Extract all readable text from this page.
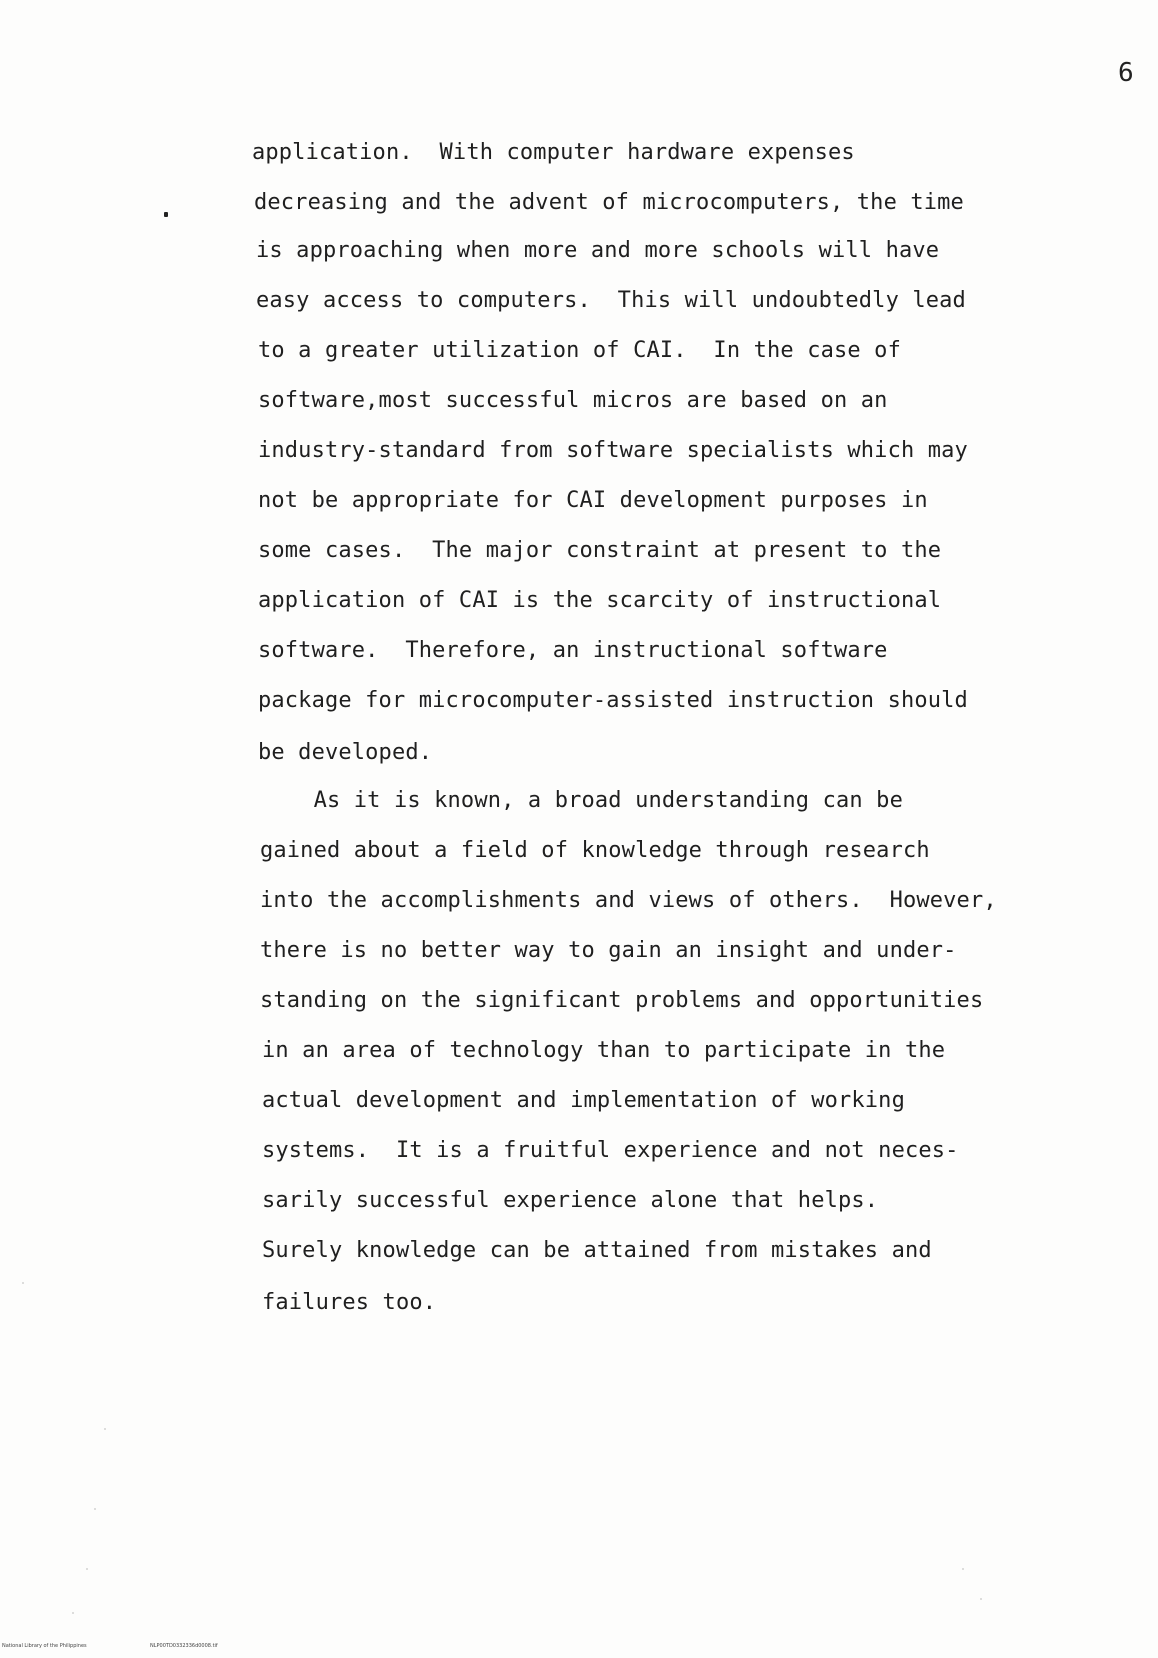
6
application.  With computer hardware expenses
decreasing and the advent of microcomputers, the time
is approaching when more and more schools will have
easy access to computers.  This will undoubtedly lead
to a greater utilization of CAI.  In the case of
software,most successful micros are based on an
industry-standard from software specialists which may
not be appropriate for CAI development purposes in
some cases.  The major constraint at present to the
application of CAI is the scarcity of instructional
software.  Therefore, an instructional software
package for microcomputer-assisted instruction should
be developed.
As it is known, a broad understanding can be
gained about a field of knowledge through research
into the accomplishments and views of others.  However,
there is no better way to gain an insight and under-
standing on the significant problems and opportunities
in an area of technology than to participate in the
actual development and implementation of working
systems.  It is a fruitful experience and not neces-
sarily successful experience alone that helps.
Surely knowledge can be attained from mistakes and
failures too.
National Library of the Philippines	NLP00TD0332336d0008.tif
